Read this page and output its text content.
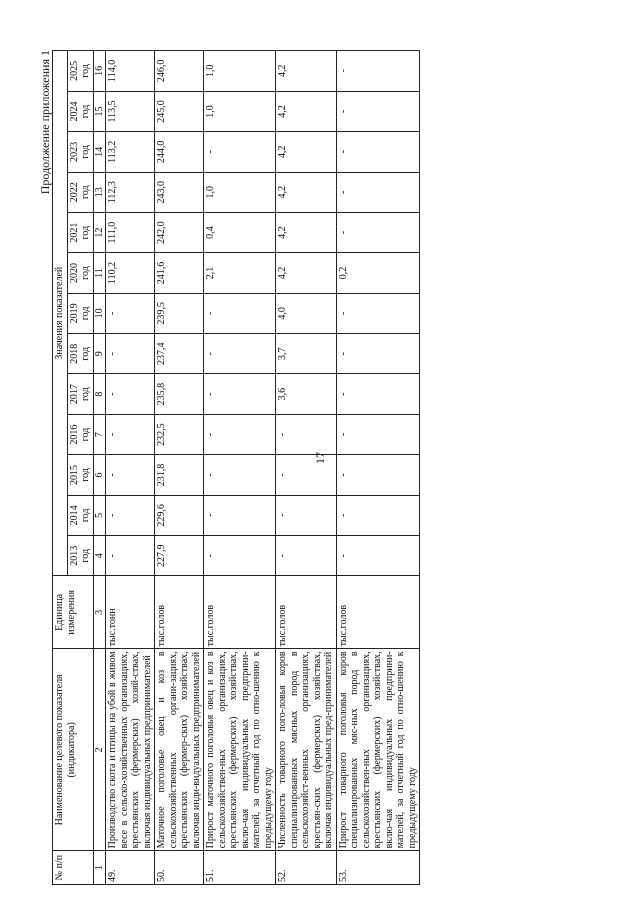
17
Продолжение приложения 1
№ п/п	Наименование целевого показателя (индикатора)	Единица измерения	Значения показателей												
			2013 год	2014 год	2015 год	2016 год	2017 год	2018 год	2019 год	2020 год	2021 год	2022 год	2023 год	2024 год	2025 год
1	2	3	4	5	6	7	8	9	10	11	12	13	14	15	16
49.	Производство скота и птицы на убой в живом весе в сельско-хозяйственных организациях, крестьянских (фермерских) хозяй-ствах, включая индивидуальных предпринимателей	тыс.тонн	-	-	-	-	-	-	-	110,2	111,0	112,3	113,2	113,5	114,0
50.	Маточное поголовье овец и коз в сельскохозяйственных органи-зациях, крестьянских (фермер-ских) хозяйствах, включая инди-видуальных предпринимателей	тыс.голов	227,9	229,6	231,8	232,5	235,8	237,4	239,5	241,6	242,0	243,0	244,0	245,0	246,0
51.	Прирост маточного поголовья овец и коз в сельскохозяйствен-ных организациях, крестьянских (фермерских) хозяйствах, вклю-чая индивидуальных предприни-мателей, за отчетный год по отно-шению к предыдущему году	тыс.голов	-	-	-	-	-	-	-	2,1	0,4	1,0	-	1,0	1,0
52.	Численность товарного пого-ловья коров специализированных мясных пород в сельскохозяйст-венных организациях, крестьян-ских (фермерских) хозяйствах, включая индивидуальных пред-принимателей	тыс.голов	-	-	-	-	3,6	3,7	4,0	4,2	4,2	4,2	4,2	4,2	4,2
53.	Прирост товарного поголовья коров специализированных мяс-ных пород в сельскохозяйствен-ных организациях, крестьянских (фермерских) хозяйствах, вклю-чая индивидуальных предприни-мателей, за отчетный год по отно-шению к предыдущему году	тыс.голов	-	-	-	-	-	-	-	0,2	-	-	-	-	-
